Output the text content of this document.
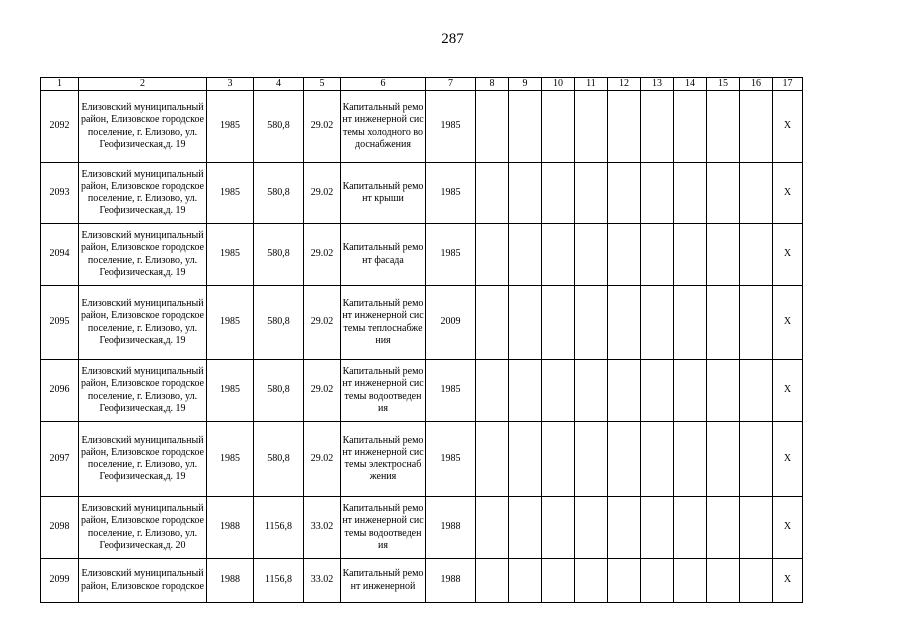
287
1	2	3	4	5	6	7	8	9	10	11	12	13	14	15	16	17
2092	Елизовский муниципальный район, Елизовское городское поселение, г. Елизово, ул. Геофизическая,д. 19	1985	580,8	29.02	Капитальный ремонт инженерной системы холодного водоснабжения	1985										X
2093	Елизовский муниципальный район, Елизовское городское поселение, г. Елизово, ул. Геофизическая,д. 19	1985	580,8	29.02	Капитальный ремонт крыши	1985										X
2094	Елизовский муниципальный район, Елизовское городское поселение, г. Елизово, ул. Геофизическая,д. 19	1985	580,8	29.02	Капитальный ремонт фасада	1985										X
2095	Елизовский муниципальный район, Елизовское городское поселение, г. Елизово, ул. Геофизическая,д. 19	1985	580,8	29.02	Капитальный ремонт инженерной системы теплоснабжения	2009										X
2096	Елизовский муниципальный район, Елизовское городское поселение, г. Елизово, ул. Геофизическая,д. 19	1985	580,8	29.02	Капитальный ремонт инженерной системы водоотведения	1985										X
2097	Елизовский муниципальный район, Елизовское городское поселение, г. Елизово, ул. Геофизическая,д. 19	1985	580,8	29.02	Капитальный ремонт инженерной системы электроснабжения	1985										X
2098	Елизовский муниципальный район, Елизовское городское поселение, г. Елизово, ул. Геофизическая,д. 20	1988	1156,8	33.02	Капитальный ремонт инженерной системы водоотведения	1988										X
2099	Елизовский муниципальный район, Елизовское городское	1988	1156,8	33.02	Капитальный ремонт инженерной	1988										X
